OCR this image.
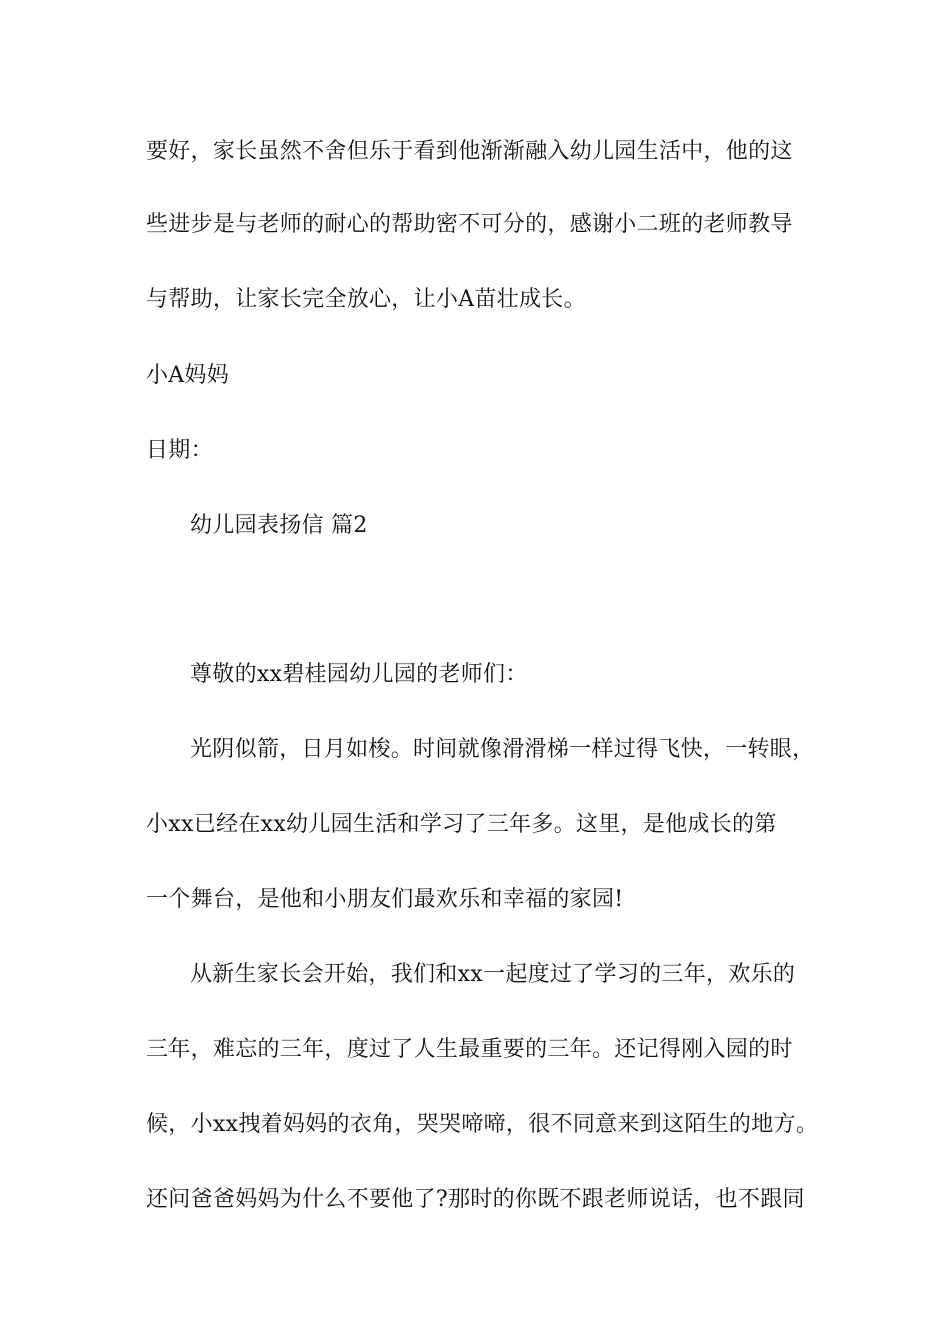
要好，家长虽然不舍但乐于看到他渐渐融入幼儿园生活中，他的这
些进步是与老师的耐心的帮助密不可分的，感谢小二班的老师教导
与帮助，让家长完全放心，让小A苗壮成长。
小A妈妈
日期：
幼儿园表扬信 篇2
尊敬的xx碧桂园幼儿园的老师们：
光阴似箭，日月如梭。时间就像滑滑梯一样过得飞快，一转眼，
小xx已经在xx幼儿园生活和学习了三年多。这里，是他成长的第
一个舞台，是他和小朋友们最欢乐和幸福的家园!
从新生家长会开始，我们和xx一起度过了学习的三年，欢乐的
三年，难忘的三年，度过了人生最重要的三年。还记得刚入园的时
候，小xx拽着妈妈的衣角，哭哭啼啼，很不同意来到这陌生的地方。
还问爸爸妈妈为什么不要他了?那时的你既不跟老师说话，也不跟同
